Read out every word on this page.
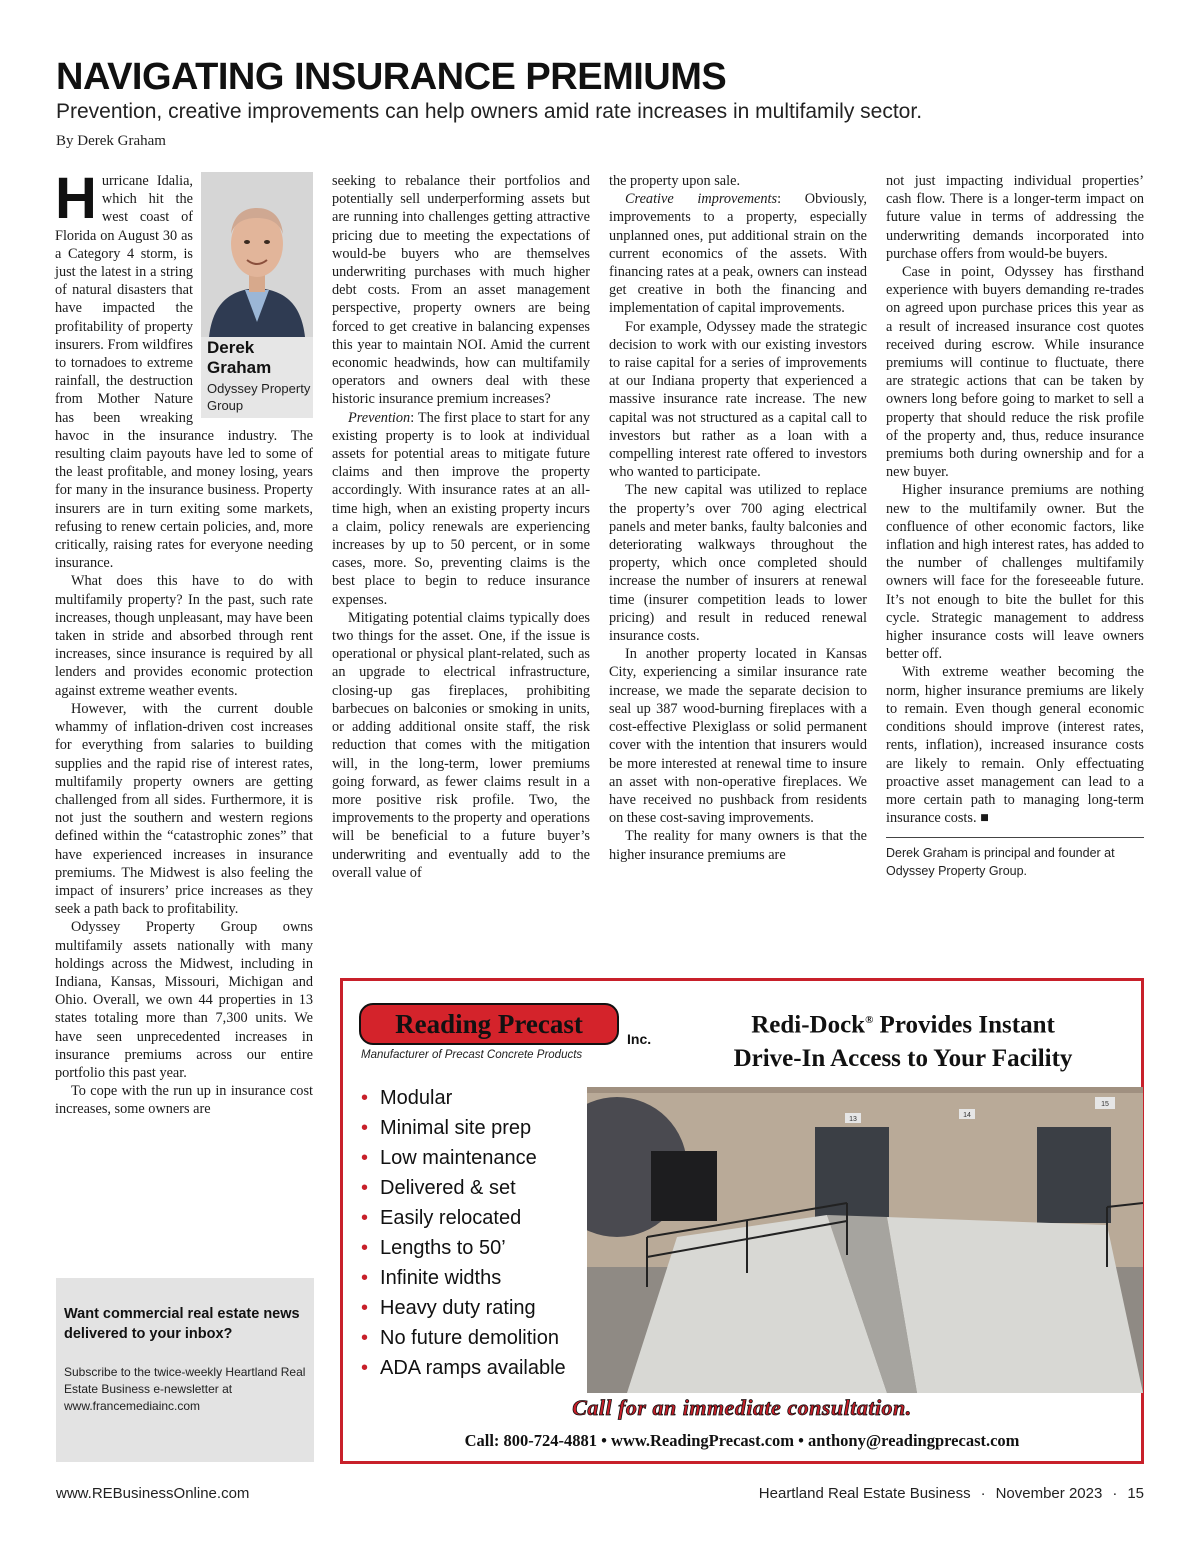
NAVIGATING INSURANCE PREMIUMS
Prevention, creative improvements can help owners amid rate increases in multifamily sector.
By Derek Graham
Derek Graham
Odyssey Property Group

Hurricane Idalia, which hit the west coast of Florida on August 30 as a Category 4 storm, is just the latest in a string of natural disasters that have impacted the profitability of property insurers. From wildfires to tornadoes to extreme rainfall, the destruction from Mother Nature has been wreaking havoc in the insurance industry. The resulting claim payouts have led to some of the least profitable, and money losing, years for many in the insurance business. Property insurers are in turn exiting some markets, refusing to renew certain policies, and, more critically, raising rates for everyone needing insurance.

What does this have to do with multifamily property? In the past, such rate increases, though unpleasant, may have been taken in stride and absorbed through rent increases, since insurance is required by all lenders and provides economic protection against extreme weather events.

However, with the current double whammy of inflation-driven cost increases for everything from salaries to building supplies and the rapid rise of interest rates, multifamily property owners are getting challenged from all sides. Furthermore, it is not just the southern and western regions defined within the “catastrophic zones” that have experienced increases in insurance premiums. The Midwest is also feeling the impact of insurers’ price increases as they seek a path back to profitability.

Odyssey Property Group owns multifamily assets nationally with many holdings across the Midwest, including in Indiana, Kansas, Missouri, Michigan and Ohio. Overall, we own 44 properties in 13 states totaling more than 7,300 units. We have seen unprecedented increases in insurance premiums across our entire portfolio this past year.

To cope with the run up in insurance cost increases, some owners are

seeking to rebalance their portfolios and potentially sell underperforming assets but are running into challenges getting attractive pricing due to meeting the expectations of would-be buyers who are themselves underwriting purchases with much higher debt costs. From an asset management perspective, property owners are being forced to get creative in balancing expenses this year to maintain NOI. Amid the current economic headwinds, how can multifamily operators and owners deal with these historic insurance premium increases?

Prevention: The first place to start for any existing property is to look at individual assets for potential areas to mitigate future claims and then improve the property accordingly. With insurance rates at an all-time high, when an existing property incurs a claim, policy renewals are experiencing increases by up to 50 percent, or in some cases, more. So, preventing claims is the best place to begin to reduce insurance expenses.

Mitigating potential claims typically does two things for the asset. One, if the issue is operational or physical plant-related, such as an upgrade to electrical infrastructure, closing-up gas fireplaces, prohibiting barbecues on balconies or smoking in units, or adding additional onsite staff, the risk reduction that comes with the mitigation will, in the long-term, lower premiums going forward, as fewer claims result in a more positive risk profile. Two, the improvements to the property and operations will be beneficial to a future buyer’s underwriting and eventually add to the overall value of

the property upon sale.

Creative improvements: Obviously, improvements to a property, especially unplanned ones, put additional strain on the current economics of the assets. With financing rates at a peak, owners can instead get creative in both the financing and implementation of capital improvements.

For example, Odyssey made the strategic decision to work with our existing investors to raise capital for a series of improvements at our Indiana property that experienced a massive insurance rate increase. The new capital was not structured as a capital call to investors but rather as a loan with a compelling interest rate offered to investors who wanted to participate.

The new capital was utilized to replace the property’s over 700 aging electrical panels and meter banks, faulty balconies and deteriorating walkways throughout the property, which once completed should increase the number of insurers at renewal time (insurer competition leads to lower pricing) and result in reduced renewal insurance costs.

In another property located in Kansas City, experiencing a similar insurance rate increase, we made the separate decision to seal up 387 wood-burning fireplaces with a cost-effective Plexiglass or solid permanent cover with the intention that insurers would be more interested at renewal time to insure an asset with non-operative fireplaces. We have received no pushback from residents on these cost-saving improvements.

The reality for many owners is that the higher insurance premiums are

not just impacting individual properties’ cash flow. There is a longer-term impact on future value in terms of addressing the underwriting demands incorporated into purchase offers from would-be buyers.

Case in point, Odyssey has firsthand experience with buyers demanding re-trades on agreed upon purchase prices this year as a result of increased insurance cost quotes received during escrow. While insurance premiums will continue to fluctuate, there are strategic actions that can be taken by owners long before going to market to sell a property that should reduce the risk profile of the property and, thus, reduce insurance premiums both during ownership and for a new buyer.

Higher insurance premiums are nothing new to the multifamily owner. But the confluence of other economic factors, like inflation and high interest rates, has added to the number of challenges multifamily owners will face for the foreseeable future. It’s not enough to bite the bullet for this cycle. Strategic management to address higher insurance costs will leave owners better off.

With extreme weather becoming the norm, higher insurance premiums are likely to remain. Even though general economic conditions should improve (interest rates, rents, inflation), increased insurance costs are likely to remain. Only effectuating proactive asset management can lead to a more certain path to managing long-term insurance costs. ■

Derek Graham is principal and founder at Odyssey Property Group.

Want commercial real estate news delivered to your inbox?
Subscribe to the twice-weekly Heartland Real Estate Business e-newsletter at www.francemediainc.com
Reading Precast	Inc.
Manufacturer of Precast Concrete Products
Redi-Dock® Provides Instant
Drive-In Access to Your Facility
• Modular
• Minimal site prep
• Low maintenance
• Delivered & set
• Easily relocated
• Lengths to 50’
• Infinite widths
• Heavy duty rating
• No future demolition
• ADA ramps available
13
14
15
Call for an immediate consultation.
Call: 800-724-4881 • www.ReadingPrecast.com • anthony@readingprecast.com
www.REBusinessOnline.com	Heartland Real Estate Business · November 2023 · 15
